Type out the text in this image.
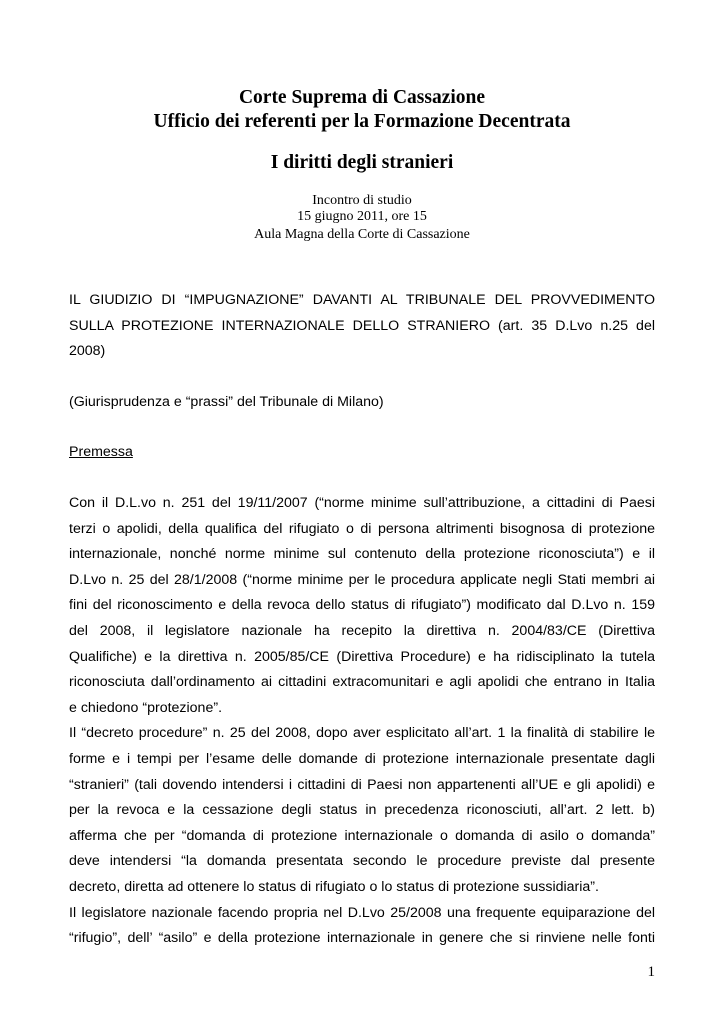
Corte Suprema di Cassazione
Ufficio dei referenti per la Formazione Decentrata
I diritti degli stranieri
Incontro di studio
15 giugno 2011, ore 15
Aula Magna della Corte di Cassazione
IL GIUDIZIO DI “IMPUGNAZIONE” DAVANTI AL TRIBUNALE DEL PROVVEDIMENTO
SULLA PROTEZIONE INTERNAZIONALE DELLO STRANIERO (art. 35 D.Lvo n.25 del
2008)
(Giurisprudenza e “prassi” del Tribunale di Milano)
Premessa
Con il D.L.vo n. 251 del 19/11/2007 (“norme minime sull’attribuzione, a cittadini di Paesi
terzi o apolidi, della qualifica del rifugiato o di persona altrimenti bisognosa di protezione
internazionale, nonché norme minime sul contenuto della protezione riconosciuta”) e il
D.Lvo n. 25 del 28/1/2008 (“norme minime per le procedura applicate negli Stati membri ai
fini del riconoscimento e della revoca dello status di rifugiato”) modificato dal D.Lvo n. 159
del 2008, il legislatore nazionale ha recepito la direttiva n. 2004/83/CE (Direttiva
Qualifiche) e la direttiva n. 2005/85/CE (Direttiva Procedure) e ha ridisciplinato la tutela
riconosciuta dall’ordinamento ai cittadini extracomunitari e agli apolidi che entrano in Italia
e chiedono “protezione”.
Il “decreto procedure” n. 25 del 2008, dopo aver esplicitato all’art. 1 la finalità di stabilire le
forme e i tempi per l’esame delle domande di protezione internazionale presentate dagli
“stranieri” (tali dovendo intendersi i cittadini di Paesi non appartenenti all’UE e gli apolidi) e
per la revoca e la cessazione degli status in precedenza riconosciuti, all’art. 2 lett. b)
afferma che per “domanda di protezione internazionale o domanda di asilo o domanda”
deve intendersi “la domanda presentata secondo le procedure previste dal presente
decreto, diretta ad ottenere lo status di rifugiato o lo status di protezione sussidiaria”.
Il legislatore nazionale facendo propria nel D.Lvo 25/2008 una frequente equiparazione del
“rifugio”, dell’ “asilo” e della protezione internazionale in genere che si rinviene nelle fonti
1
